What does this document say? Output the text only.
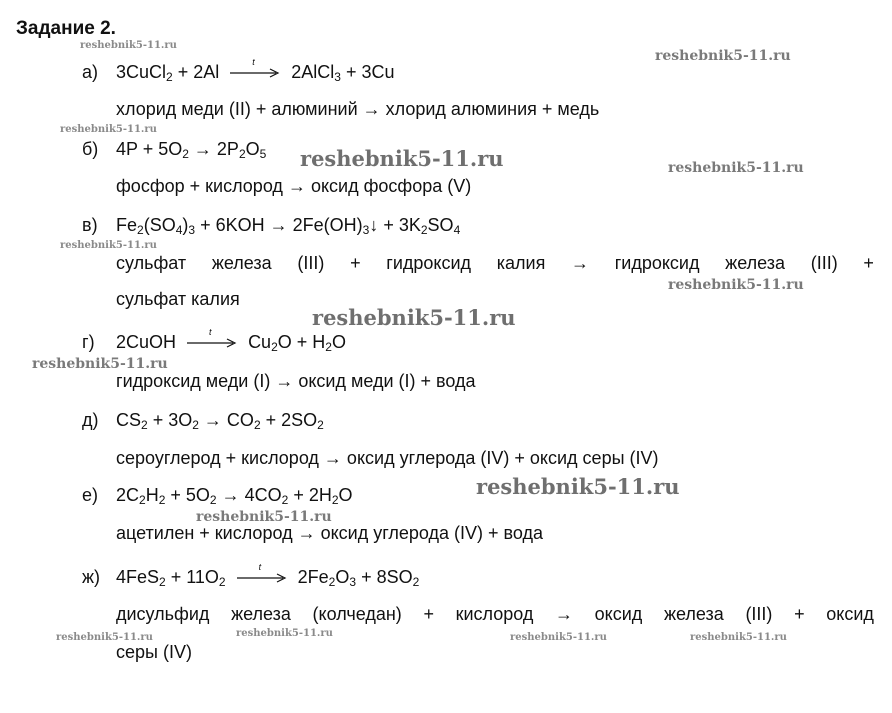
Задание 2.
а) 3CuCl$_2$ + 2Al	t 2AlCl$_3$ + 3Cu
хлорид меди (II) + алюминий → хлорид алюминия + медь
б) $4P + 5O_2 \to 2P_2O_5$
фосфор + кислород → оксид фосфора (V)
в) $Fe_2(SO_4)_3 + 6KOH$ → $2Fe(OH)_3↓ + 3K_2SO_4$
сульфат железа (III) + гидроксид калия → гидроксид железа (III) +
сульфат калия
г) 2CuOH	t $Cu_2O + H_2O$
гидроксид меди (I) → оксид меди (I) + вода
д) $CS_2 + 3O_2 \to CO_2 + 2SO_2$
сероуглерод + кислород → оксид углерода (IV) + оксид серы (IV)
е) $2C_2H_2 + 5O_2 \to 4CO_2 + 2H_2O$
ацетилен + кислород → оксид углерода (IV) + вода
ж) $4FeS_2 + 11O_2$
t $2Fe_2O_3 + 8SO_2$
дисульфид железа (колчедан) + кислород → оксид железа (III) + оксид
серы (IV)
reshebnik5-11.ru
reshebnik5-11.ru
reshebnik5-11.ru
reshebnik5-11.ru	reshebnik5-11.ru
reshebnik5-11.ru
reshebnik5-11.ru
reshebnik5-11.ru
reshebnik5-11.ru
reshebnik5-11.ru
reshebnik5-11.ru
reshebnik5-11.ru	reshebnik5-11.ru	reshebnik5-11.ru	reshebnik5-11.ru
